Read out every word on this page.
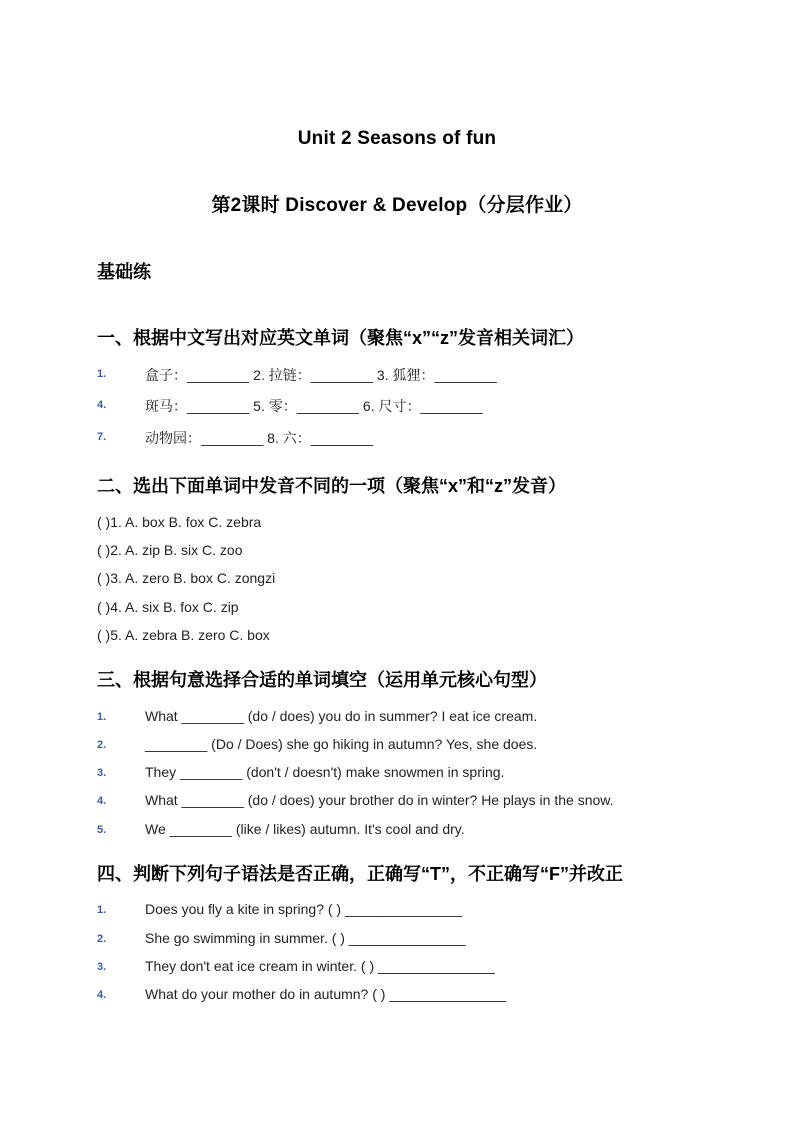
Unit 2 Seasons of fun
第2课时 Discover & Develop（分层作业）
基础练
一、根据中文写出对应英文单词（聚焦“x”“z”发音相关词汇）
1.	盒子：________ 2. 拉链：________ 3. 狐狸：________
4.	斑马：________ 5. 零：________ 6. 尺寸：________
7.	动物园：________ 8. 六：________
二、选出下面单词中发音不同的一项（聚焦“x”和“z”发音）
( )1. A. box B. fox C. zebra
( )2. A. zip B. six C. zoo
( )3. A. zero B. box C. zongzi
( )4. A. six B. fox C. zip
( )5. A. zebra B. zero C. box
三、根据句意选择合适的单词填空（运用单元核心句型）
1.	What ________ (do / does) you do in summer? I eat ice cream.
2.	________ (Do / Does) she go hiking in autumn? Yes, she does.
3.	They ________ (don't / doesn't) make snowmen in spring.
4.	What ________ (do / does) your brother do in winter? He plays in the snow.
5.	We ________ (like / likes) autumn. It's cool and dry.
四、判断下列句子语法是否正确，正确写“T”，不正确写“F”并改正
1.	Does you fly a kite in spring? ( ) _______________
2.	She go swimming in summer. ( ) _______________
3.	They don't eat ice cream in winter. ( ) _______________
4.	What do your mother do in autumn? ( ) _______________
